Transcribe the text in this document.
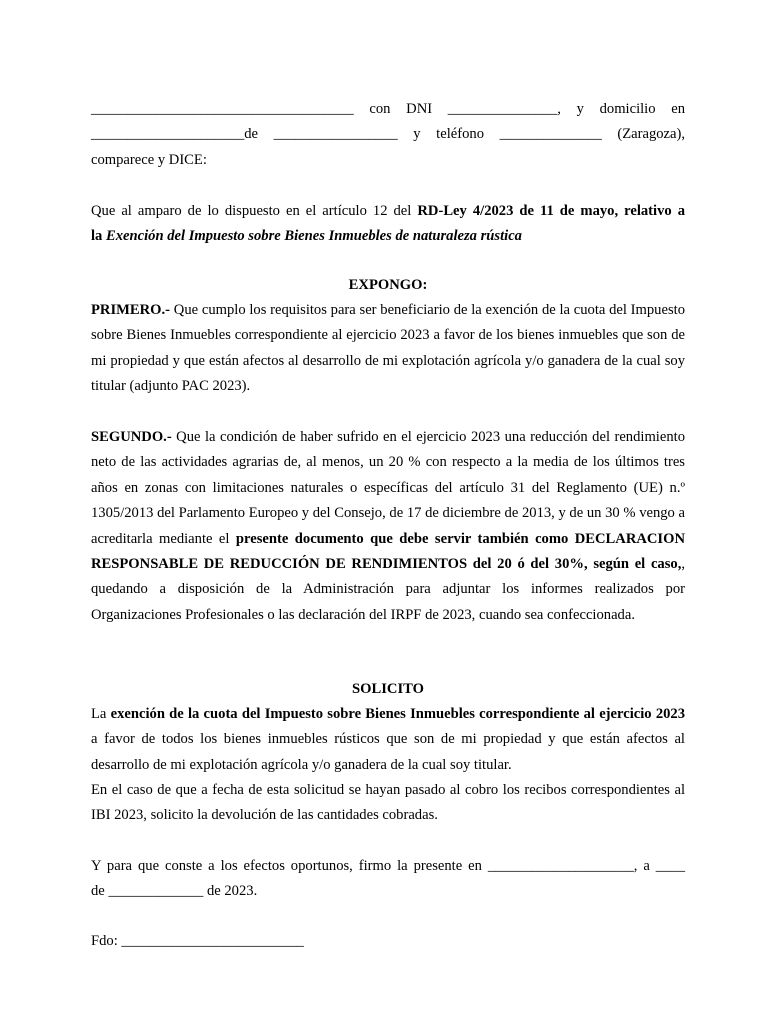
____________________________________ con DNI _______________, y domicilio en
_____________________de _________________ y teléfono ______________ (Zaragoza),
comparece y DICE:
Que al amparo de lo dispuesto en el artículo 12 del RD-Ley 4/2023 de 11 de mayo, relativo a
la Exención del Impuesto sobre Bienes Inmuebles de naturaleza rústica
EXPONGO:
PRIMERO.- Que cumplo los requisitos para ser beneficiario de la exención de la cuota del Impuesto sobre Bienes Inmuebles correspondiente al ejercicio 2023 a favor de los bienes inmuebles que son de mi propiedad y que están afectos al desarrollo de mi explotación agrícola y/o ganadera de la cual soy titular (adjunto PAC 2023).
SEGUNDO.- Que la condición de haber sufrido en el ejercicio 2023 una reducción del rendimiento neto de las actividades agrarias de, al menos, un 20 % con respecto a la media de los últimos tres años en zonas con limitaciones naturales o específicas del artículo 31 del Reglamento (UE) n.º 1305/2013 del Parlamento Europeo y del Consejo, de 17 de diciembre de 2013, y de un 30 % vengo a acreditarla mediante el presente documento que debe servir también como DECLARACION RESPONSABLE DE REDUCCIÓN DE RENDIMIENTOS del 20 ó del 30%, según el caso,, quedando a disposición de la Administración para adjuntar los informes realizados por Organizaciones Profesionales o las declaración del IRPF de 2023, cuando sea confeccionada.
SOLICITO
La exención de la cuota del Impuesto sobre Bienes Inmuebles correspondiente al ejercicio 2023 a favor de todos los bienes inmuebles rústicos que son de mi propiedad y que están afectos al desarrollo de mi explotación agrícola y/o ganadera de la cual soy titular.
En el caso de que a fecha de esta solicitud se hayan pasado al cobro los recibos correspondientes al IBI 2023, solicito la devolución de las cantidades cobradas.
Y para que conste a los efectos oportunos, firmo la presente en ____________________, a ____
de _____________ de 2023.
Fdo: _________________________
